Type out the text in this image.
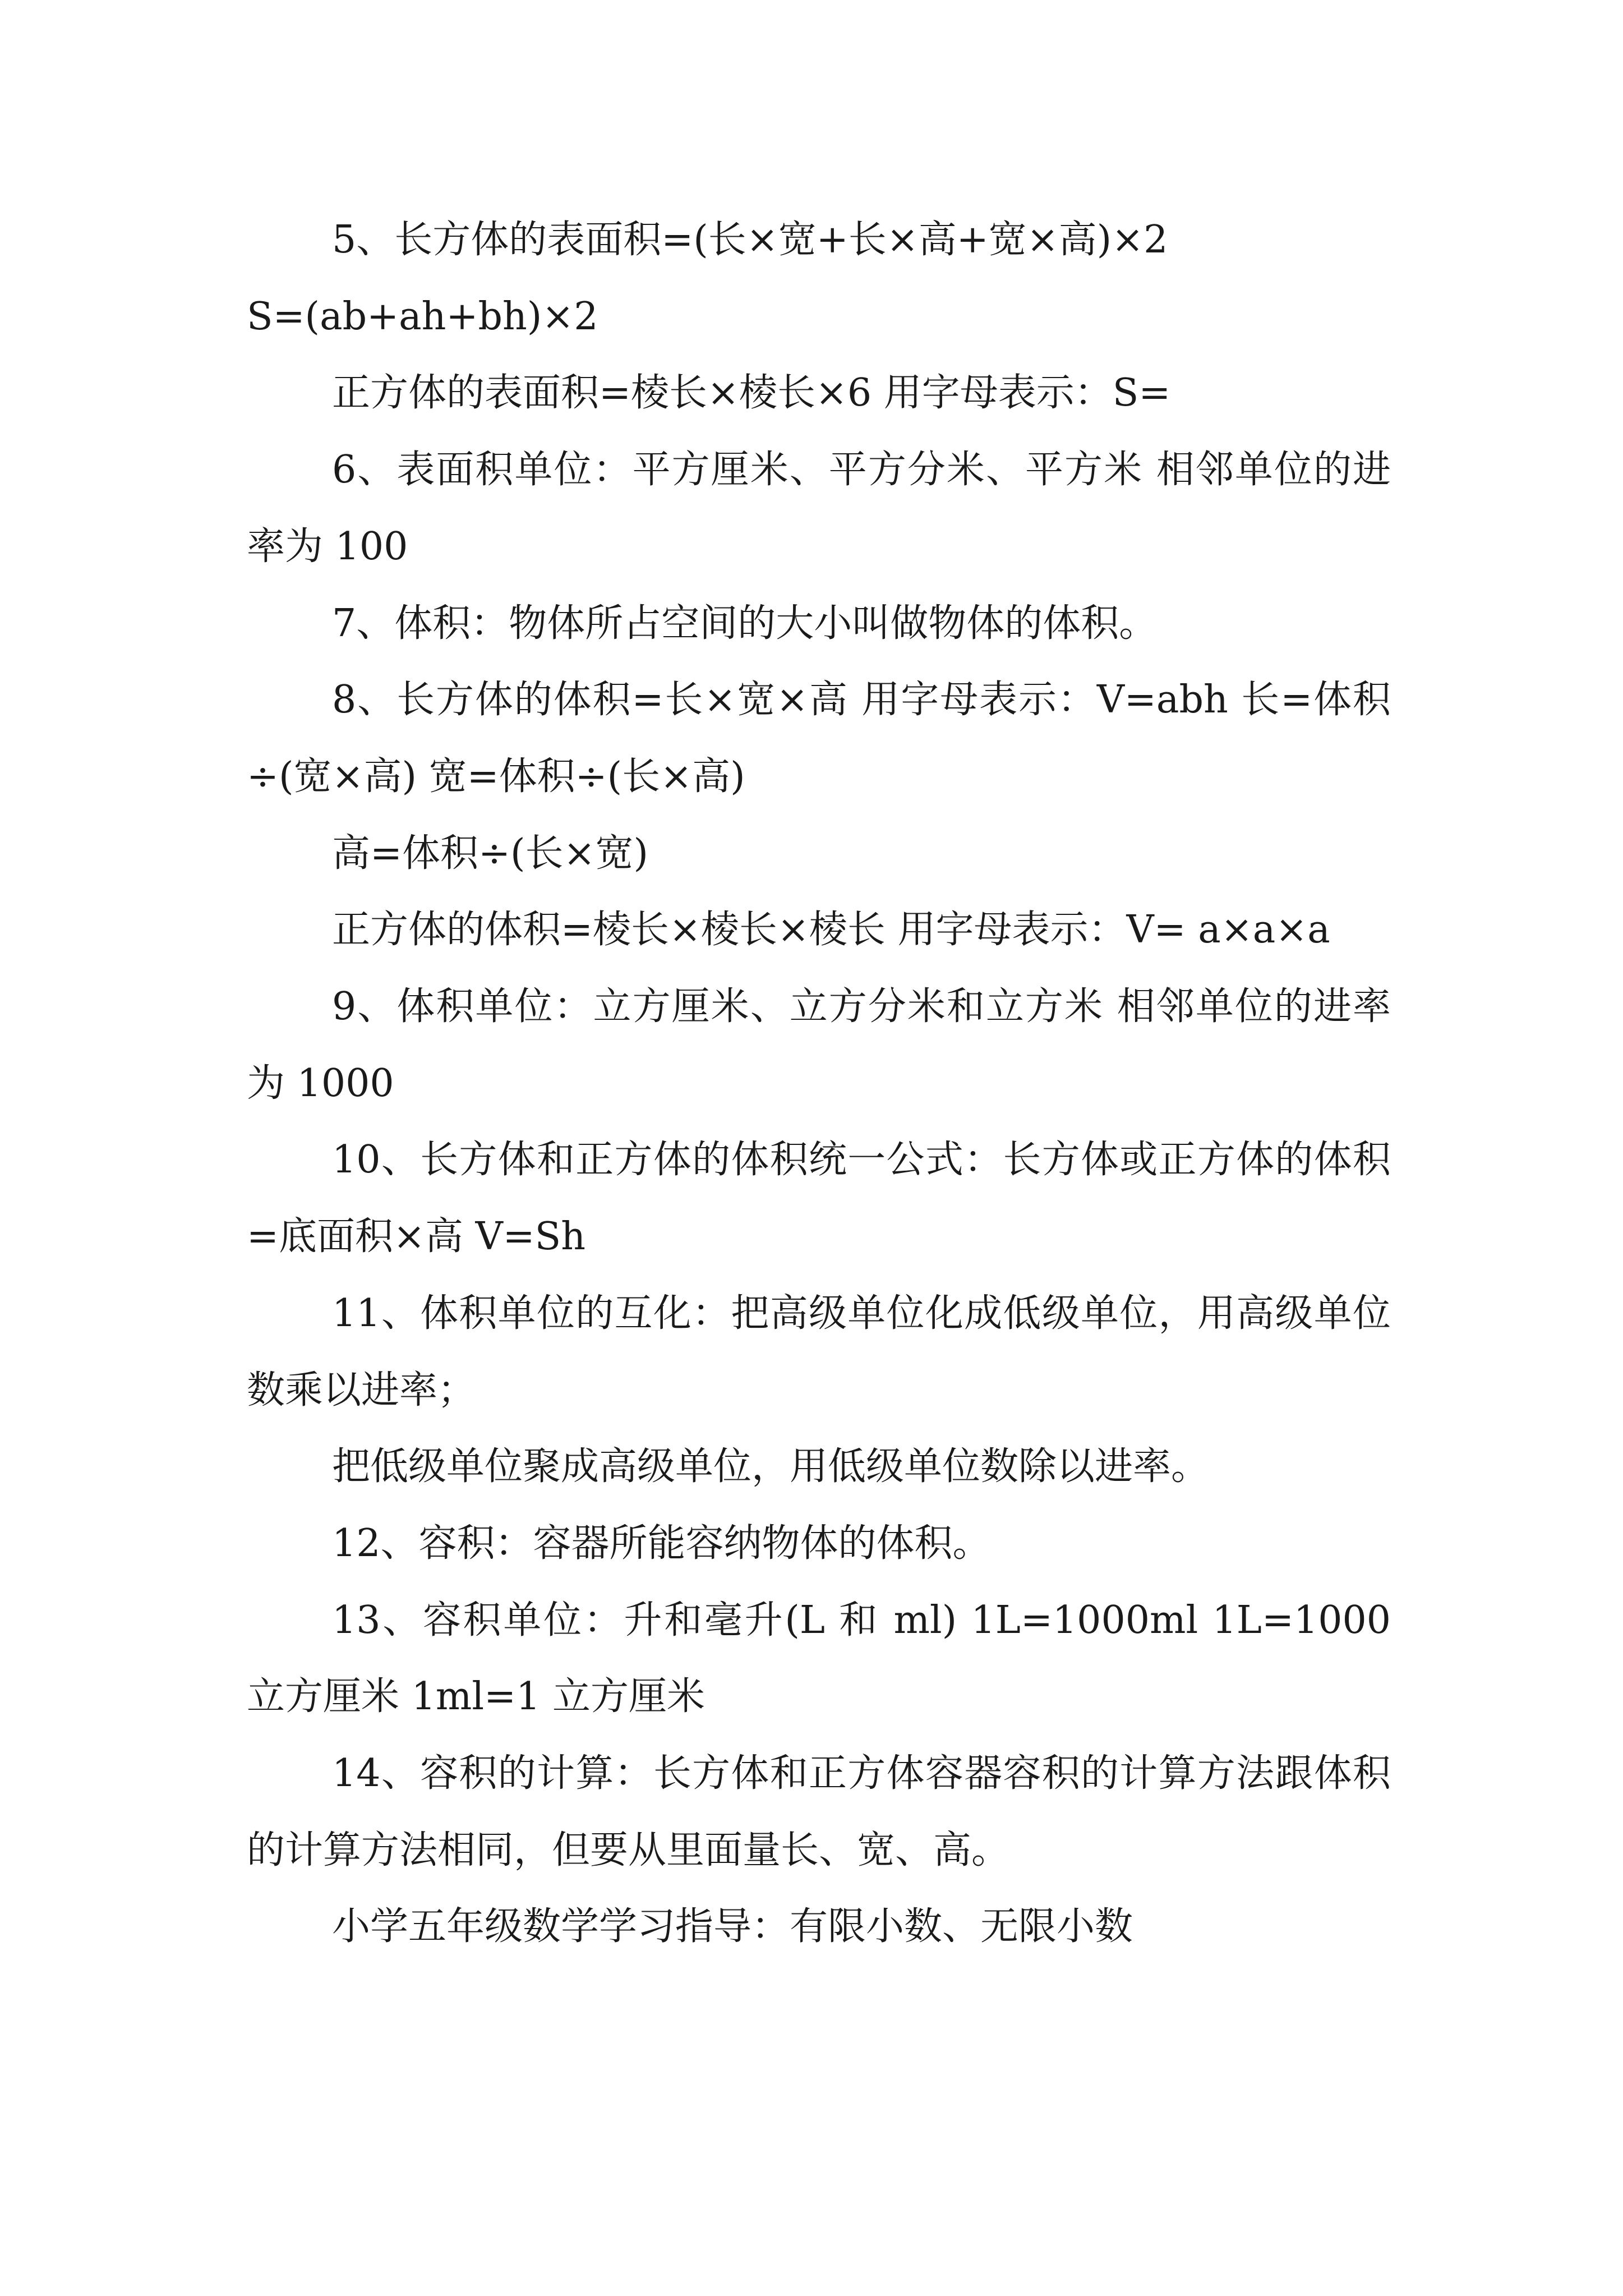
5、长方体的表面积=(长×宽+长×高+宽×高)×2

S=(ab+ah+bh)×2

正方体的表面积=棱长×棱长×6 用字母表示：S=

6、表面积单位：平方厘米、平方分米、平方米 相邻单位的进率为 100

7、体积：物体所占空间的大小叫做物体的体积。

8、长方体的体积=长×宽×高 用字母表示：V=abh 长=体积÷(宽×高) 宽=体积÷(长×高)

高=体积÷(长×宽)

正方体的体积=棱长×棱长×棱长 用字母表示：V= a×a×a

9、体积单位：立方厘米、立方分米和立方米 相邻单位的进率为 1000

10、长方体和正方体的体积统一公式：长方体或正方体的体积=底面积×高 V=Sh

11、体积单位的互化：把高级单位化成低级单位，用高级单位数乘以进率；

把低级单位聚成高级单位，用低级单位数除以进率。

12、容积：容器所能容纳物体的体积。

13、容积单位：升和毫升(L 和 ml) 1L=1000ml 1L=1000立方厘米 1ml=1 立方厘米

14、容积的计算：长方体和正方体容器容积的计算方法跟体积的计算方法相同，但要从里面量长、宽、高。

小学五年级数学学习指导：有限小数、无限小数
